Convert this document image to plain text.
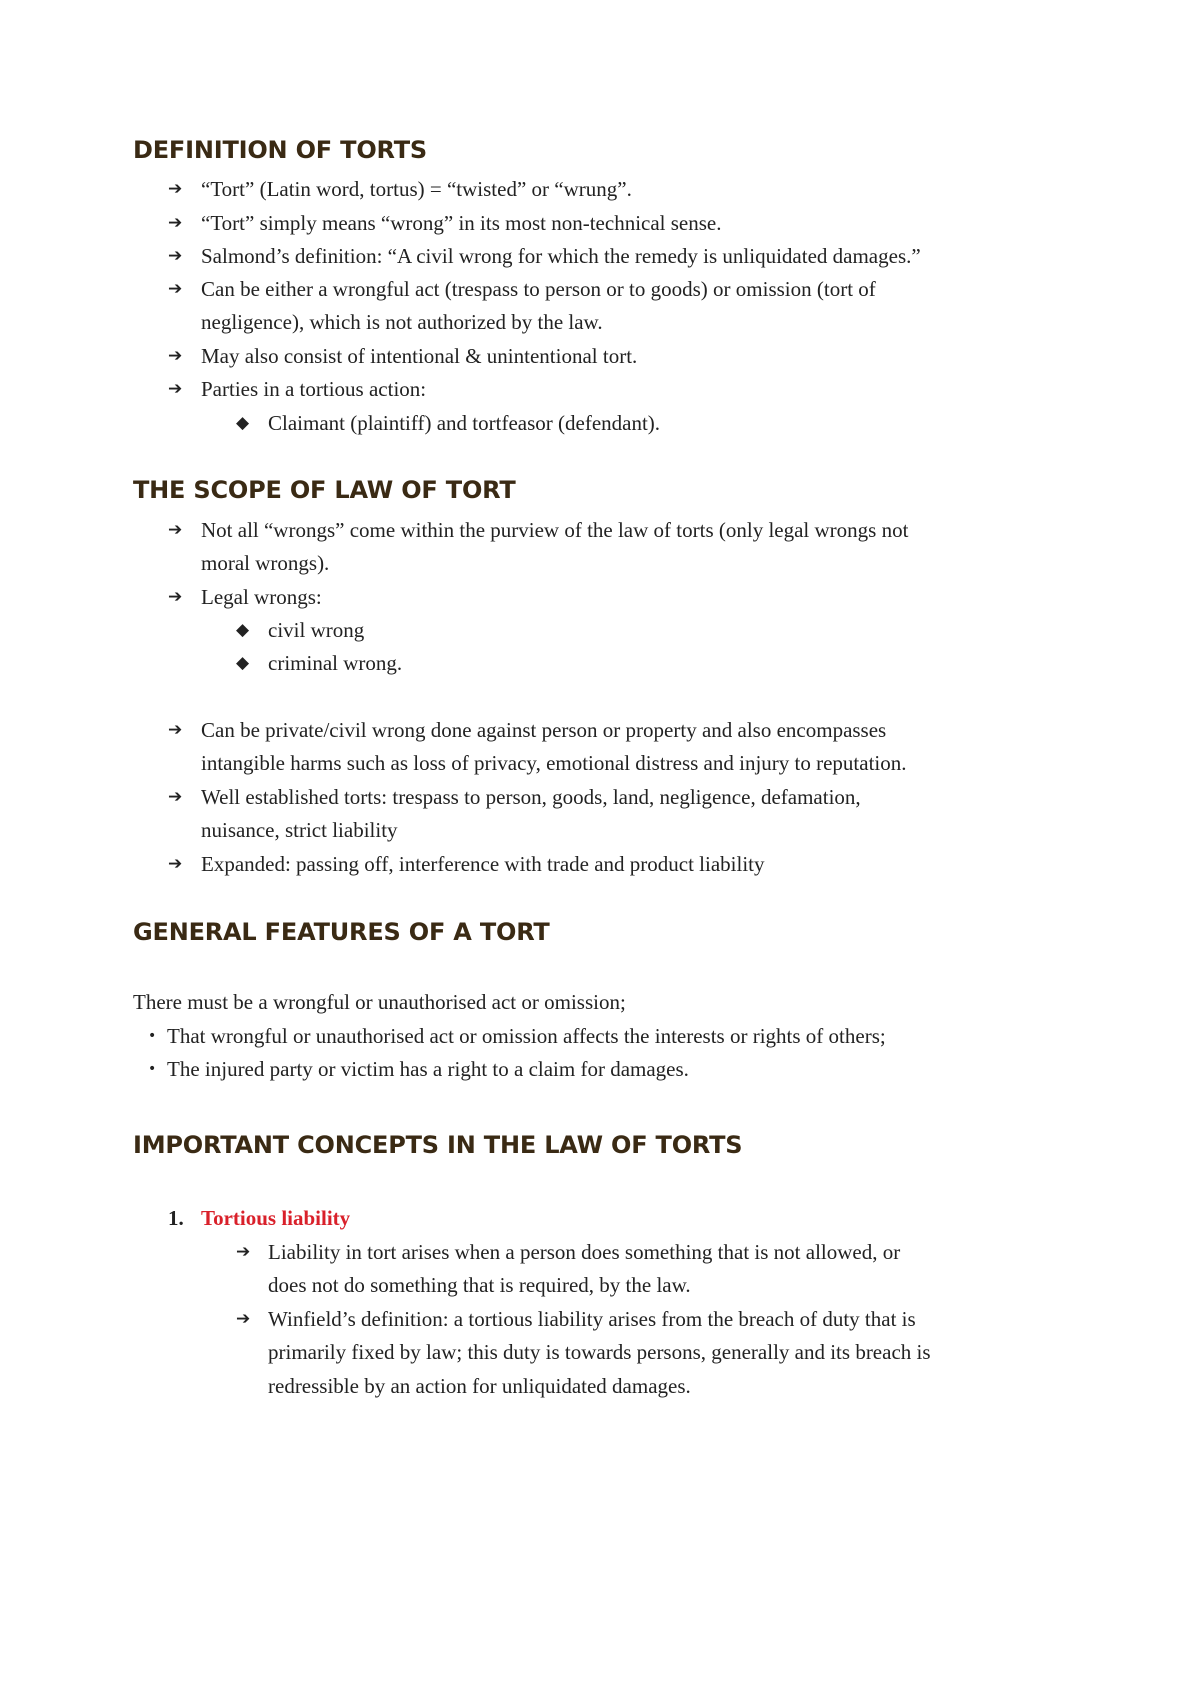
DEFINITION OF TORTS
➔ “Tort” (Latin word, tortus) = “twisted” or “wrung”.
➔ “Tort” simply means “wrong” in its most non-technical sense.
➔ Salmond’s definition: “A civil wrong for which the remedy is unliquidated damages.”
➔ Can be either a wrongful act (trespass to person or to goods) or omission (tort of
negligence), which is not authorized by the law.
➔ May also consist of intentional & unintentional tort.
➔ Parties in a tortious action:
◆ Claimant (plaintiff) and tortfeasor (defendant).
THE SCOPE OF LAW OF TORT
➔ Not all “wrongs” come within the purview of the law of torts (only legal wrongs not
moral wrongs).
➔ Legal wrongs:
◆ civil wrong
◆ criminal wrong.
➔ Can be private/civil wrong done against person or property and also encompasses
intangible harms such as loss of privacy, emotional distress and injury to reputation.
➔ Well established torts: trespass to person, goods, land, negligence, defamation,
nuisance, strict liability
➔ Expanded: passing off, interference with trade and product liability
GENERAL FEATURES OF A TORT
There must be a wrongful or unauthorised act or omission;
• That wrongful or unauthorised act or omission affects the interests or rights of others;
• The injured party or victim has a right to a claim for damages.
IMPORTANT CONCEPTS IN THE LAW OF TORTS
1. Tortious liability
➔ Liability in tort arises when a person does something that is not allowed, or
does not do something that is required, by the law.
➔ Winfield’s definition: a tortious liability arises from the breach of duty that is
primarily fixed by law; this duty is towards persons, generally and its breach is
redressible by an action for unliquidated damages.
